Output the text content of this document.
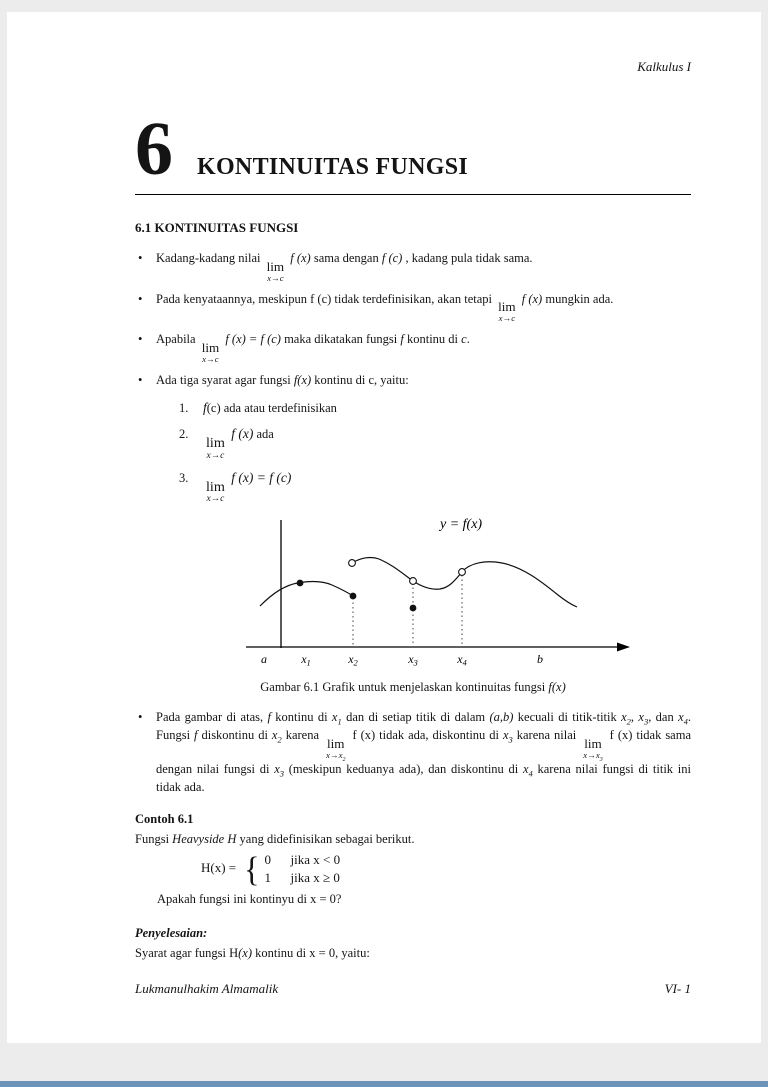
Kalkulus I
6 KONTINUITAS FUNGSI
6.1 KONTINUITAS FUNGSI
• Kadang-kadang nilai
lim
x→c
f (x) sama dengan f (c) , kadang pula tidak sama.
• Pada kenyataannya, meskipun f (c) tidak terdefinisikan, akan tetapi
lim
x→c
f (x) mungkin ada.
• Apabila
lim
x→c
f (x) = f (c) maka dikatakan fungsi f kontinu di c.
• Ada tiga syarat agar fungsi f(x) kontinu di c, yaitu:
1.	f(c) ada atau terdefinisikan
2.
lim
x→c
f (x) ada
3.
lim
x→c
f (x) = f (c)
y = f(x)
a	$x_1$	$x_2$	$x_3$	$x_4$	b
Gambar 6.1 Grafik untuk menjelaskan kontinuitas fungsi f(x)
• Pada gambar di atas, f kontinu di $x_1$ dan di setiap titik di dalam (a,b) kecuali di titik-titik $x_2$, $x_3$, dan $x_4$. Fungsi f diskontinu di $x_2$ karena
lim
$x\to x_2$
f (x) tidak ada, diskontinu di $x_3$ karena nilai
lim
$x\to x_3$
f (x) tidak sama dengan nilai fungsi di $x_3$ (meskipun keduanya ada), dan diskontinu di $x_4$ karena nilai fungsi di titik ini tidak ada.
Contoh 6.1
Fungsi Heavyside H yang didefinisikan sebagai berikut.
H(x) = { 0	jika x < 0
1	jika x ≥ 0
Apakah fungsi ini kontinyu di x = 0?
Penyelesaian:
Syarat agar fungsi H(x) kontinu di x = 0, yaitu:
Lukmanulhakim Almamalik	VI- 1
